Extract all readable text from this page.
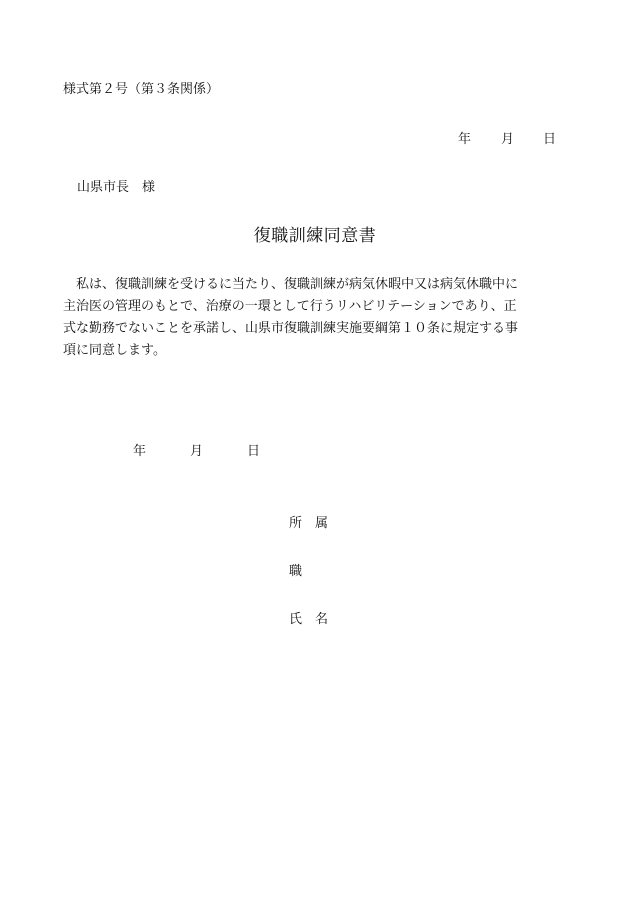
様式第２号（第３条関係）
年 月 日
山県市長　様
復職訓練同意書
　私は、復職訓練を受けるに当たり、復職訓練が病気休暇中又は病気休職中に
主治医の管理のもとで、治療の一環として行うリハビリテーションであり、正
式な勤務でないことを承諾し、山県市復職訓練実施要綱第１０条に規定する事
項に同意します。
年	月	日
所　属
職
氏　名
